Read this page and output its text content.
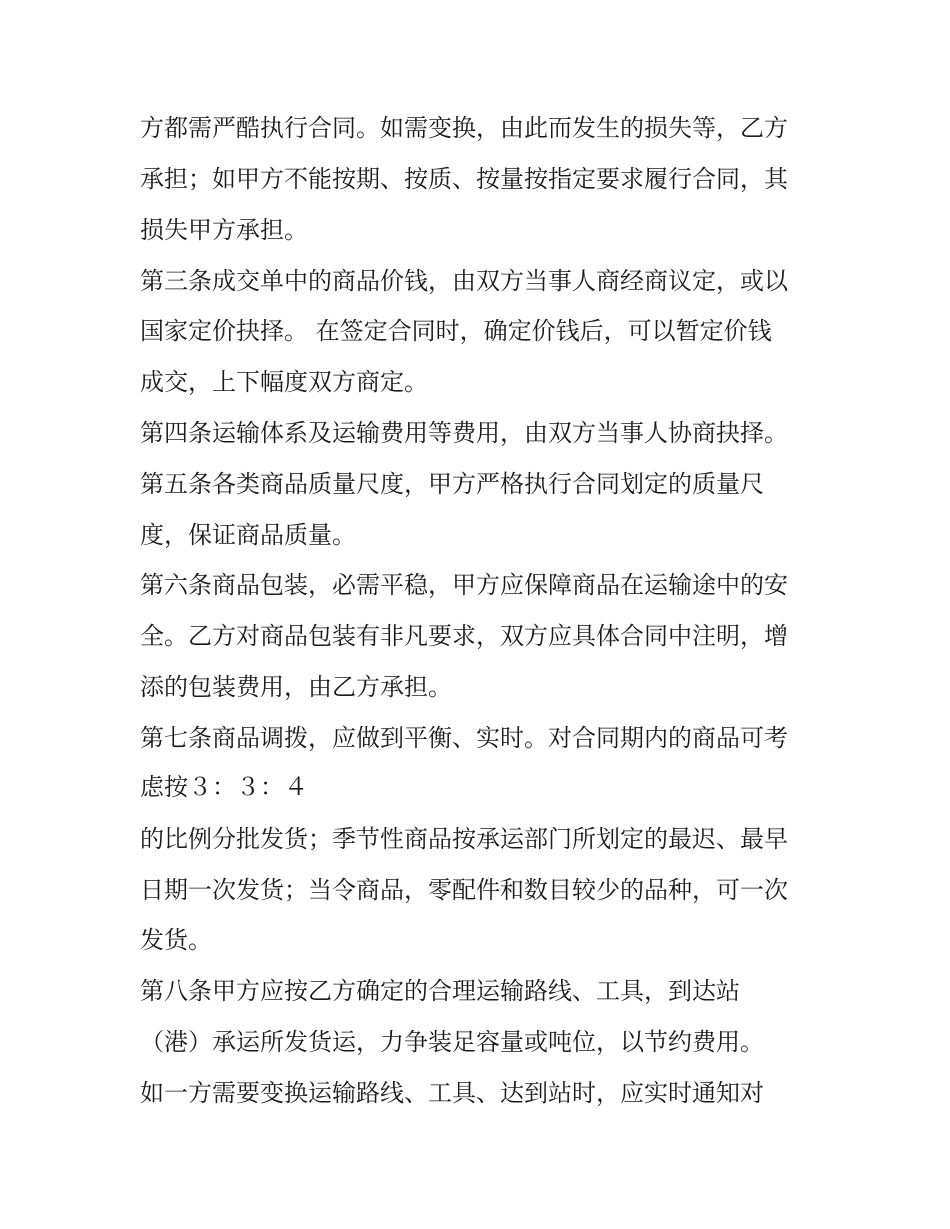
方都需严酷执行合同。如需变换，由此而发生的损失等，乙方
承担；如甲方不能按期、按质、按量按指定要求履行合同，其
损失甲方承担。
第三条成交单中的商品价钱，由双方当事人商经商议定，或以
国家定价抉择。 在签定合同时，确定价钱后，可以暂定价钱
成交，上下幅度双方商定。
第四条运输体系及运输费用等费用，由双方当事人协商抉择。
第五条各类商品质量尺度，甲方严格执行合同划定的质量尺
度，保证商品质量。
第六条商品包装，必需平稳，甲方应保障商品在运输途中的安
全。乙方对商品包装有非凡要求，双方应具体合同中注明，增
添的包装费用，由乙方承担。
第七条商品调拨，应做到平衡、实时。对合同期内的商品可考
虑按３：３：４
的比例分批发货；季节性商品按承运部门所划定的最迟、最早
日期一次发货；当令商品，零配件和数目较少的品种，可一次
发货。
第八条甲方应按乙方确定的合理运输路线、工具，到达站
（港）承运所发货运，力争装足容量或吨位，以节约费用。
如一方需要变换运输路线、工具、达到站时，应实时通知对
